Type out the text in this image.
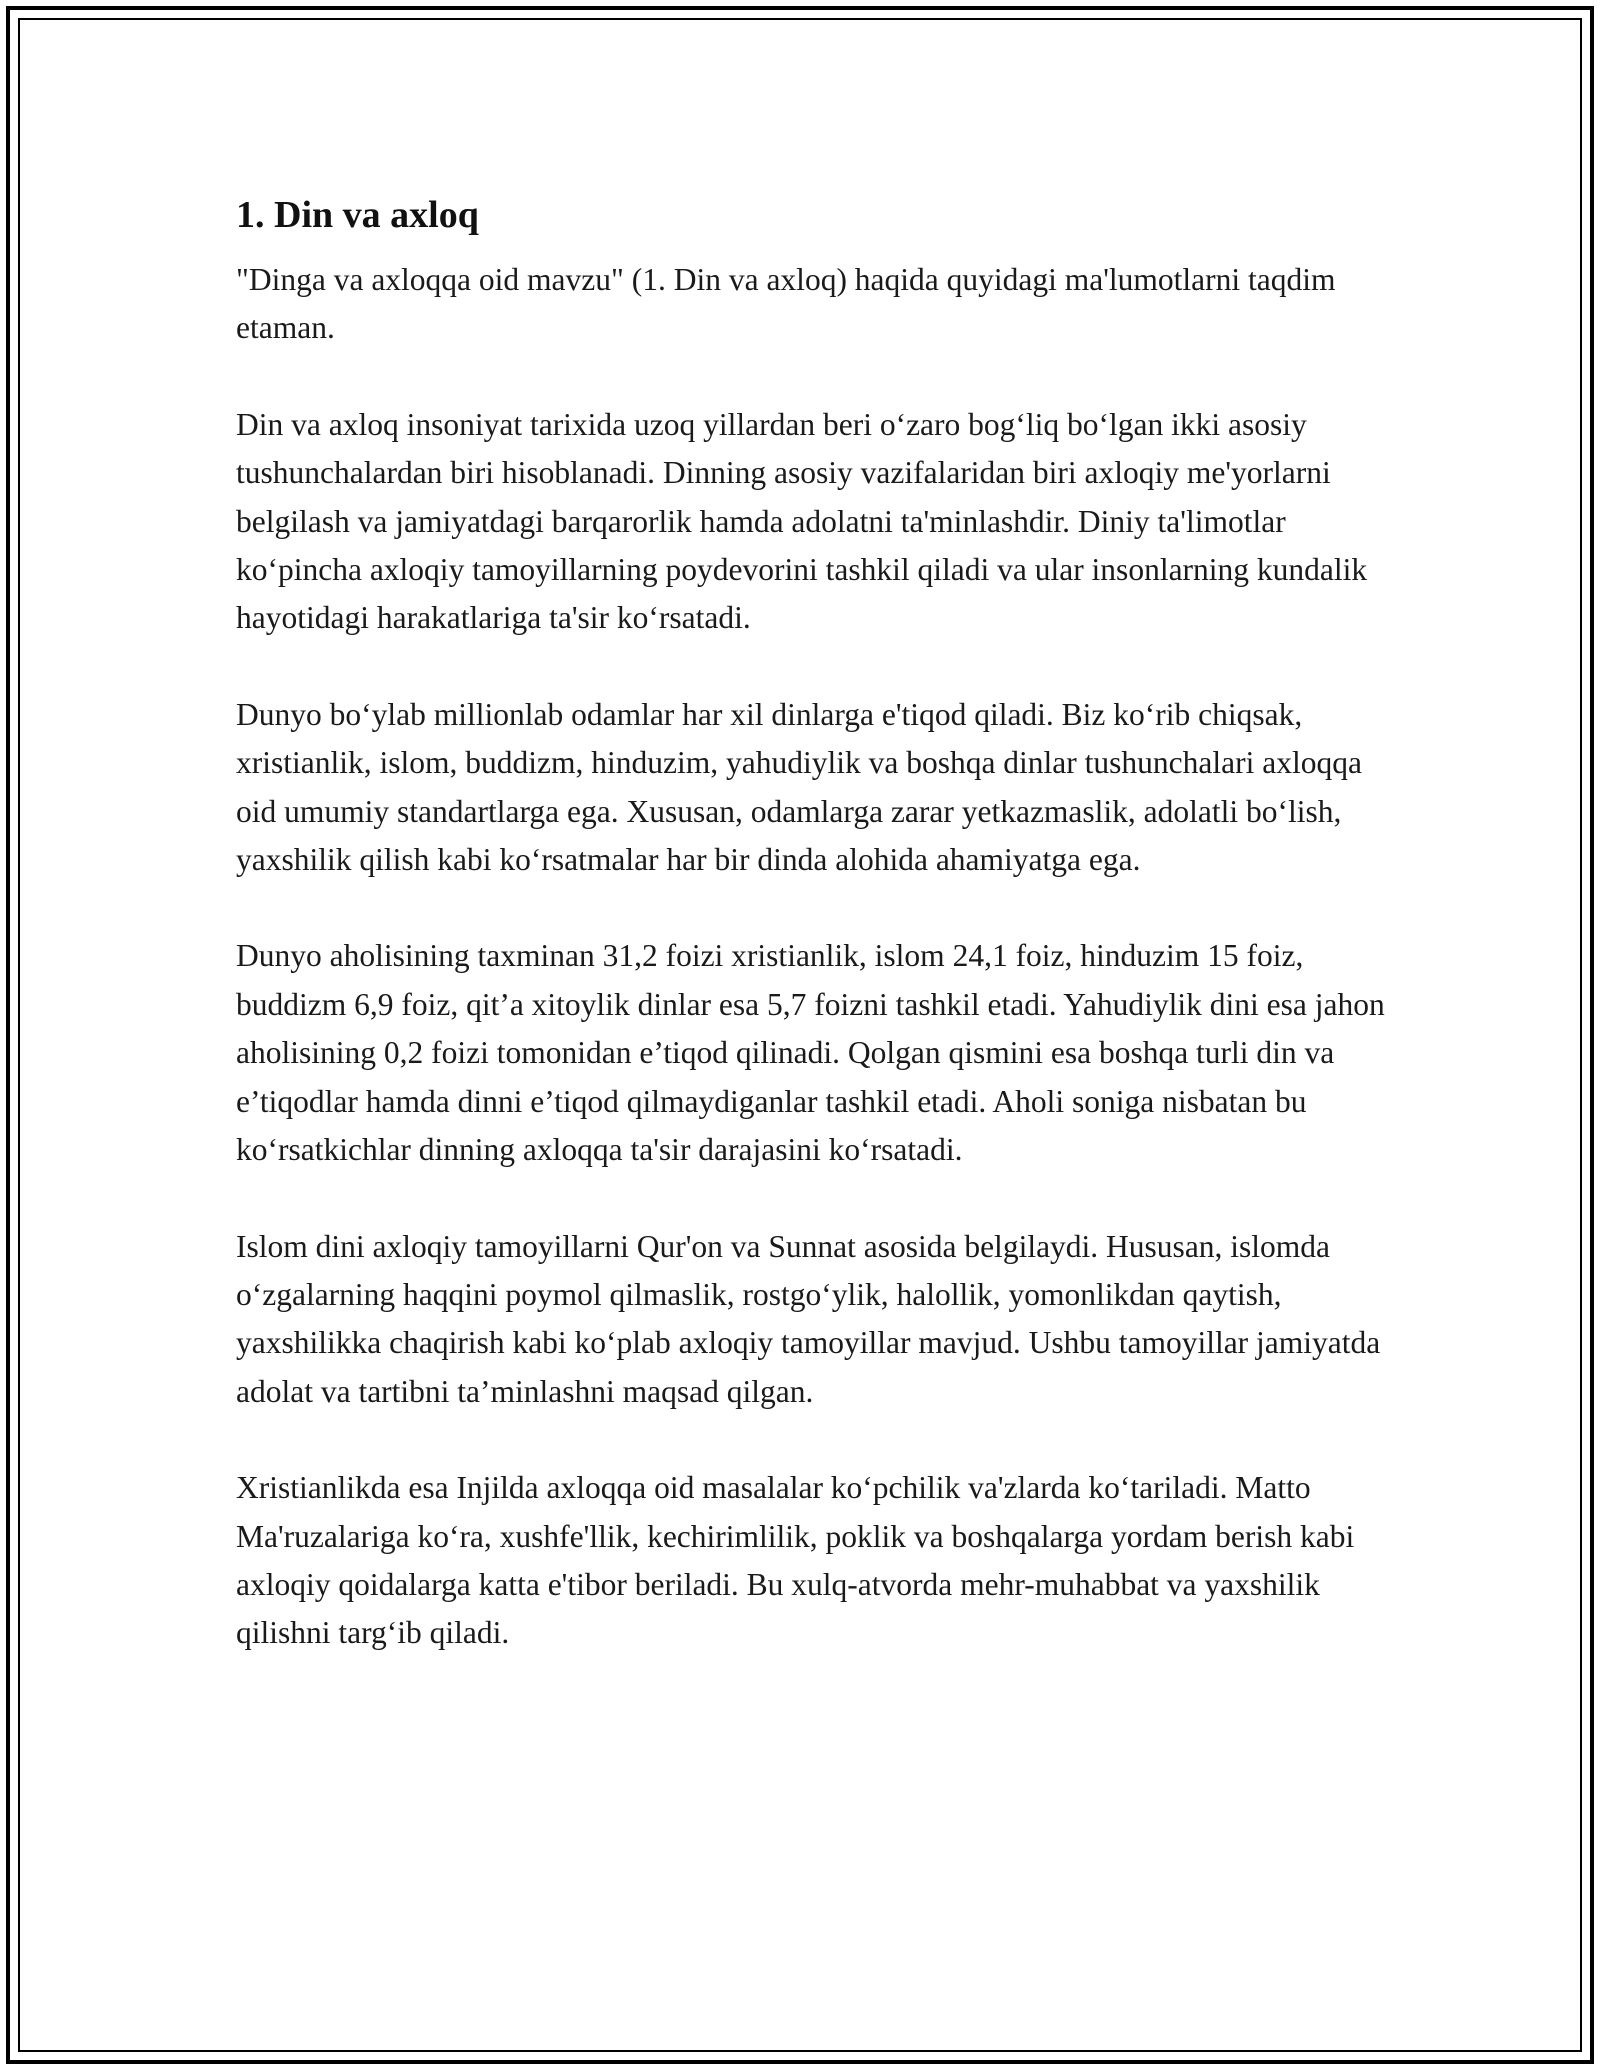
1. Din va axloq

"Dinga va axloqqa oid mavzu" (1. Din va axloq) haqida quyidagi ma'lumotlarni taqdim etaman.

Din va axloq insoniyat tarixida uzoq yillardan beri o‘zaro bog‘liq bo‘lgan ikki asosiy tushunchalardan biri hisoblanadi. Dinning asosiy vazifalaridan biri axloqiy me'yorlarni belgilash va jamiyatdagi barqarorlik hamda adolatni ta'minlashdir. Diniy ta'limotlar ko‘pincha axloqiy tamoyillarning poydevorini tashkil qiladi va ular insonlarning kundalik hayotidagi harakatlariga ta'sir ko‘rsatadi.

Dunyo bo‘ylab millionlab odamlar har xil dinlarga e'tiqod qiladi. Biz ko‘rib chiqsak, xristianlik, islom, buddizm, hinduzim, yahudiylik va boshqa dinlar tushunchalari axloqqa oid umumiy standartlarga ega. Xususan, odamlarga zarar yetkazmaslik, adolatli bo‘lish, yaxshilik qilish kabi ko‘rsatmalar har bir dinda alohida ahamiyatga ega.

Dunyo aholisining taxminan 31,2 foizi xristianlik, islom 24,1 foiz, hinduzim 15 foiz, buddizm 6,9 foiz, qit’a xitoylik dinlar esa 5,7 foizni tashkil etadi. Yahudiylik dini esa jahon aholisining 0,2 foizi tomonidan e’tiqod qilinadi. Qolgan qismini esa boshqa turli din va e’tiqodlar hamda dinni e’tiqod qilmaydiganlar tashkil etadi. Aholi soniga nisbatan bu ko‘rsatkichlar dinning axloqqa ta'sir darajasini ko‘rsatadi.

Islom dini axloqiy tamoyillarni Qur'on va Sunnat asosida belgilaydi. Hususan, islomda o‘zgalarning haqqini poymol qilmaslik, rostgo‘ylik, halollik, yomonlikdan qaytish, yaxshilikka chaqirish kabi ko‘plab axloqiy tamoyillar mavjud. Ushbu tamoyillar jamiyatda adolat va tartibni ta’minlashni maqsad qilgan.

Xristianlikda esa Injilda axloqqa oid masalalar ko‘pchilik va'zlarda ko‘tariladi. Matto Ma'ruzalariga ko‘ra, xushfe'llik, kechirimlilik, poklik va boshqalarga yordam berish kabi axloqiy qoidalarga katta e'tibor beriladi. Bu xulq-atvorda mehr-muhabbat va yaxshilik qilishni targ‘ib qiladi.
